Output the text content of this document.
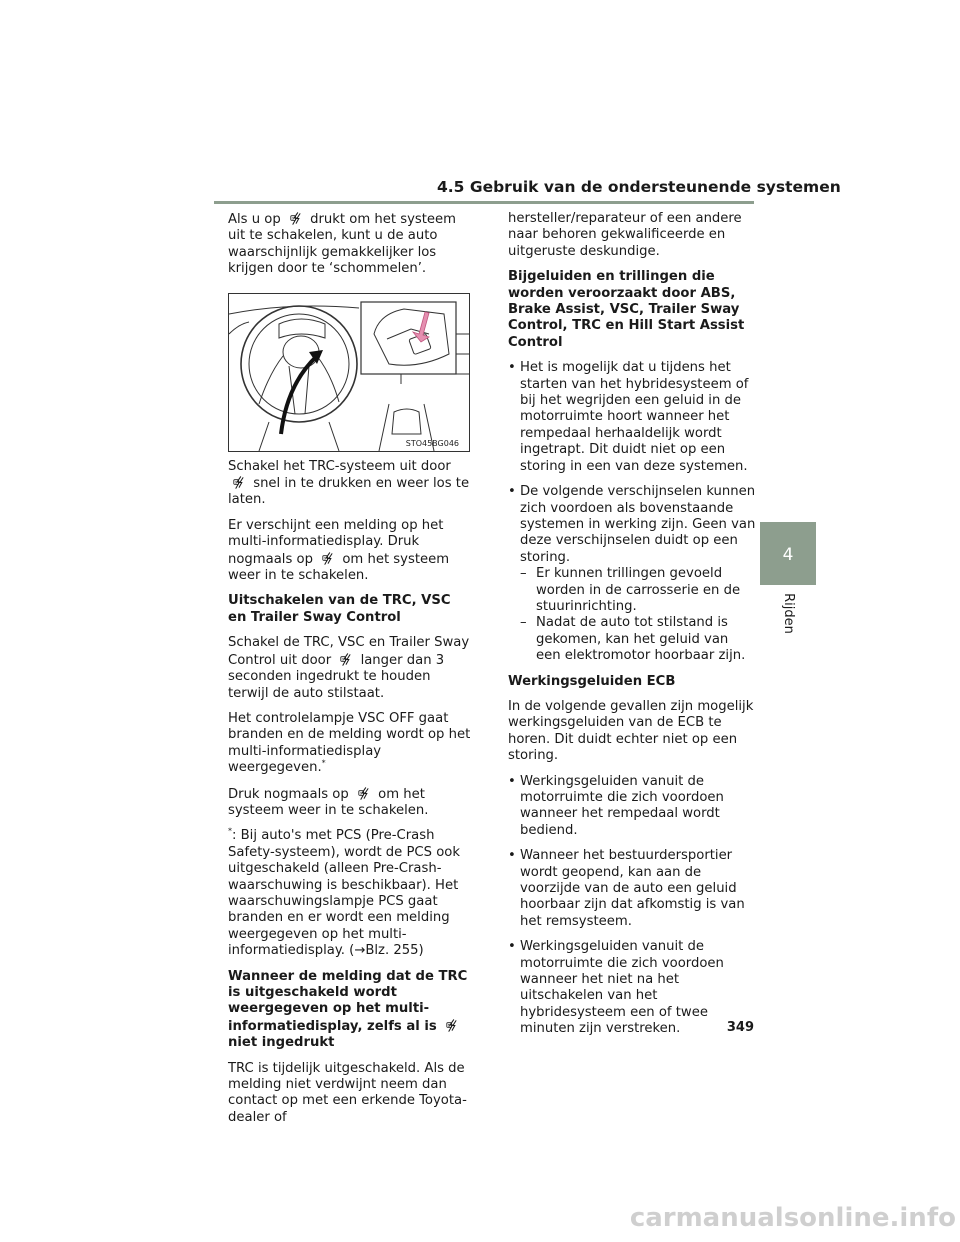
4.5 Gebruik van de ondersteunende systemen

Als u op  drukt om het systeem uit te schakelen, kunt u de auto waarschijnlijk gemakkelijker los krijgen door te ‘schommelen’.

Schakel het TRC-systeem uit door  snel in te drukken en weer los te laten.

Er verschijnt een melding op het multi-informatiedisplay. Druk nogmaals op  om het systeem weer in te schakelen.

Uitschakelen van de TRC, VSC en Trailer Sway Control

Schakel de TRC, VSC en Trailer Sway Control uit door  langer dan 3 seconden ingedrukt te houden terwijl de auto stilstaat.

Het controlelampje VSC OFF gaat branden en de melding wordt op het multi-informatiedisplay weergegeven.*

Druk nogmaals op  om het systeem weer in te schakelen.

*: Bij auto's met PCS (Pre-Crash Safety-systeem), wordt de PCS ook uitgeschakeld (alleen Pre-Crash-waarschuwing is beschikbaar). Het waarschuwingslampje PCS gaat branden en er wordt een melding weergegeven op het multi-informatiedisplay. (→Blz. 255)

Wanneer de melding dat de TRC is uitgeschakeld wordt weergegeven op het multi-informatiedisplay, zelfs al is  niet ingedrukt

TRC is tijdelijk uitgeschakeld. Als de melding niet verdwijnt neem dan contact op met een erkende Toyota-dealer of

STO45BG046

hersteller/reparateur of een andere naar behoren gekwalificeerde en uitgeruste deskundige.

Bijgeluiden en trillingen die worden veroorzaakt door ABS, Brake Assist, VSC, Trailer Sway Control, TRC en Hill Start Assist Control

• Het is mogelijk dat u tijdens het starten van het hybridesysteem of bij het wegrijden een geluid in de motorruimte hoort wanneer het rempedaal herhaaldelijk wordt ingetrapt. Dit duidt niet op een storing in een van deze systemen.
• De volgende verschijnselen kunnen zich voordoen als bovenstaande systemen in werking zijn. Geen van deze verschijnselen duidt op een storing.
– Er kunnen trillingen gevoeld worden in de carrosserie en de stuurinrichting.
– Nadat de auto tot stilstand is gekomen, kan het geluid van een elektromotor hoorbaar zijn.

Werkingsgeluiden ECB

In de volgende gevallen zijn mogelijk werkingsgeluiden van de ECB te horen. Dit duidt echter niet op een storing.

• Werkingsgeluiden vanuit de motorruimte die zich voordoen wanneer het rempedaal wordt bediend.
• Wanneer het bestuurdersportier wordt geopend, kan aan de voorzijde van de auto een geluid hoorbaar zijn dat afkomstig is van het remsysteem.
• Werkingsgeluiden vanuit de motorruimte die zich voordoen wanneer het niet na het uitschakelen van het hybridesysteem een of twee minuten zijn verstreken.
4
Rijden
349
carmanualsonline.info
